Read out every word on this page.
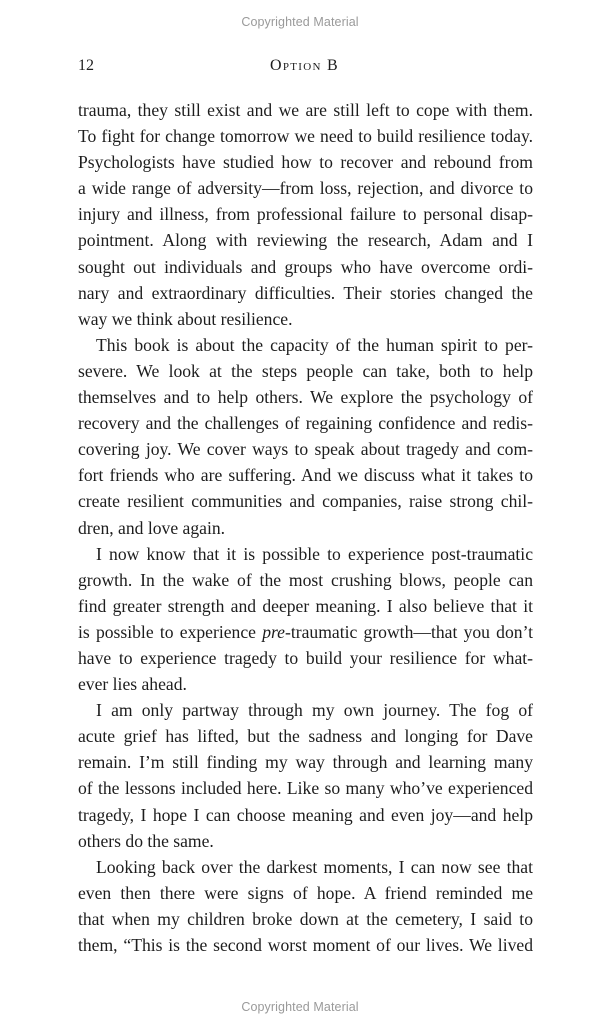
Copyrighted Material
12	Option B
trauma, they still exist and we are still left to cope with them.
To fight for change tomorrow we need to build resilience today.
Psychologists have studied how to recover and rebound from
a wide range of adversity—from loss, rejection, and divorce to
injury and illness, from professional failure to personal disap-
pointment. Along with reviewing the research, Adam and I
sought out individuals and groups who have overcome ordi-
nary and extraordinary difficulties. Their stories changed the
way we think about resilience.
This book is about the capacity of the human spirit to per-
severe. We look at the steps people can take, both to help
themselves and to help others. We explore the psychology of
recovery and the challenges of regaining confidence and redis-
covering joy. We cover ways to speak about tragedy and com-
fort friends who are suffering. And we discuss what it takes to
create resilient communities and companies, raise strong chil-
dren, and love again.
I now know that it is possible to experience post-traumatic
growth. In the wake of the most crushing blows, people can
find greater strength and deeper meaning. I also believe that it
is possible to experience pre-traumatic growth—that you don’t
have to experience tragedy to build your resilience for what-
ever lies ahead.
I am only partway through my own journey. The fog of
acute grief has lifted, but the sadness and longing for Dave
remain. I’m still finding my way through and learning many
of the lessons included here. Like so many who’ve experienced
tragedy, I hope I can choose meaning and even joy—and help
others do the same.
Looking back over the darkest moments, I can now see that
even then there were signs of hope. A friend reminded me
that when my children broke down at the cemetery, I said to
them, “This is the second worst moment of our lives. We lived
Copyrighted Material
